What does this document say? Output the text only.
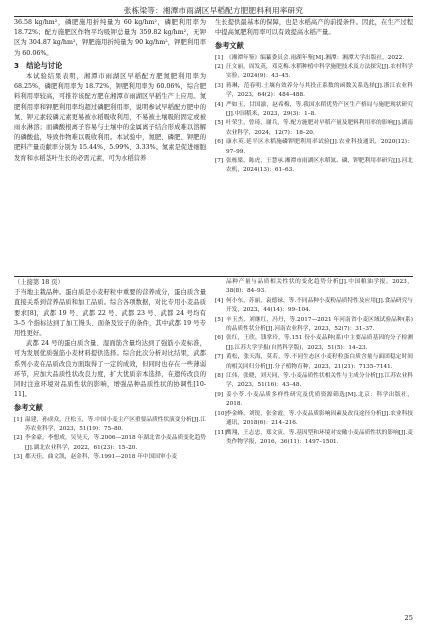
张栋梁等：湘潭市雨湖区早稻配方肥肥料利用率研究

36.58 kg/hm²，磷肥施用折纯量为 60 kg/hm²，磷肥利用率为 18.72%；配方施肥区作物平均吸钾总量为 359.82 kg/hm²，无钾区为 304.87 kg/hm²，钾肥施用折纯量为 90 kg/hm²，钾肥利用率为 60.06%。

3　结论与讨论

本试验结果表明，湘潭市雨湖区早稻配方肥氮肥利用率为 68.25%，磷肥利用率为 18.72%，钾肥利用率为 60.06%，综合肥料利用率较高，可推荐该配方肥在湘潭市雨湖区早稻生产上应用。氮肥利用率和钾肥利用率均超过磷肥利用率，说明参试早稻配方肥中的氮、钾元素较磷元素更易被水稻吸收利用，不易被土壤吸附固定或被雨水淋溶；而磷酸根离子容易与土壤中的金属离子结合形成难以溶解的磷酸盐，导致作物难以吸收利用。本试验中，氮肥、磷肥、钾肥的肥料产量贡献率分别为 15.44%、5.99%、3.33%。氮素是促进细胞发育和水稻茎叶生长的必需元素，可为水稻营养

生长提供最基本的保障，也是水稻高产的前提条件。因此，在生产过程中提高氮肥利用率可以有效提高水稻产量。

参考文献
[1] 《湘潭年鉴》编纂委员会.雨湖年鉴[M].湘潭：湘潭大学出版社，2022.
[2] 汪文丽，周发英，邓克梅.水稻种植中科学施肥技术及方法探究[J].农村科学实验，2024(9)：43–45.
[3] 蒋琳，范春明.土壤有效养分与其投正系数的函数关系选择[J].浙江农业科学，2023，64(2)：484–488.
[4] 严如玉，甘国渝，赵希梅，等.我国水稻优势产区生产格局与施肥现状研究[J].中国稻米，2023，29(3)：1–8.
[5] 叶荣生，曾琦，谢兵，等.配方施肥对早稻产量及肥料利用率的影响[J].湖南农业科学，2024，12(7)：18–20.
[6] 康水英.延平区水稻施磷钾肥利用率试验[J].农业科技通讯，2020(12)：97–99.
[7] 张栋梁，陈虎，王慧承.湘潭市雨湖区水稻氮、磷、钾肥利用率研究[J].河北农机，2024(13)：61–63.
（上接第 18 页）

于当地主栽品种。蛋白质是小麦籽粒中重要的营养成分，蛋白质含量直接关系到营养品质和加工品质。综合各项数据，对比专用小麦品质要求[8]，武都 19 号、武都 22 号、武都 23 号、武都 24 号均有 3–5 个指标达到了加工馒头、面条及饺子的条件，其中武都 19 号专用性更好。

武都 24 号的蛋白质含量、湿面筋含量均达到了强筋小麦标准，可为发展优质强筋小麦材料提供选择。综合此次分析对比结果，武都系列小麦在品质改良方面取得了一定的成效，但同时也存在一些薄弱环节，应加大品质性状改良力度，扩大优质亲本选择，在遗传改良的同时注意环境对品质性状的影响，增强品种品质性状的协调性[10-11]。

参考文献
[1] 温建，孙成众，汪松玉，等.中国小麦主产区重要品质性状演变分析[J].江苏农业科学，2023，51(19)：75–80.
[2] 李金豪，李想成，吴昊天，等.2006—2018 年湖北省小麦品质变化趋势[J].湖北农业科学，2022，61(23)：15–20.
[3] 都天佳，曲文凯，赵金科，等.1991—2018 年中国国审小麦
品种产量与品质相关性状的变化趋势分析[J].中国粮油学报，2023，38(8)：84–93.
[4] 何小东，苏丽，袁德禄，等.不同品种小麦粉品质特性及应用[J].食品研究与开发，2023，44(14)：99–104.
[5] 辛玉杰，刘继红，冯丹，等.2017—2021 年河南省小麦区域试验品种(系)的品质性状分析[J].河南农业科学，2023，52(7)：31–37.
[6] 张红，王欣，钱掌玲，等.151 份小麦品种(系)中主要品质基因的分子检测[J].江苏大学学报(自然科学版)，2023，51(5)：14–23.
[7] 黄松，张天海，莫若，等.不同生态区小麦籽粒蛋白质含量与面团稳定时间的相关回归分析[J].分子植物育种，2023，21(21)：7135–7141.
[8] 江伟，张晓，刘天同，等.小麦品质性状相关性与主成分分析[J].江苏农业科学，2023，51(16)：43–48.
[9] 姜小苓.小麦品质多样性研究及优质资源筛选[M].北京：科学出版社，2018.
[10] 李金峰，刘锐，张金霞，等.小麦品质影响因素及改良途径分析[J].农业科技通讯，2018(6)：214–216.
[11] 鹰翔，王志忠，郑文寅，等.基因型和环境对安徽小麦品质性状的影响[J].麦类作物学报，2016，36(11)：1497–1501.
25
